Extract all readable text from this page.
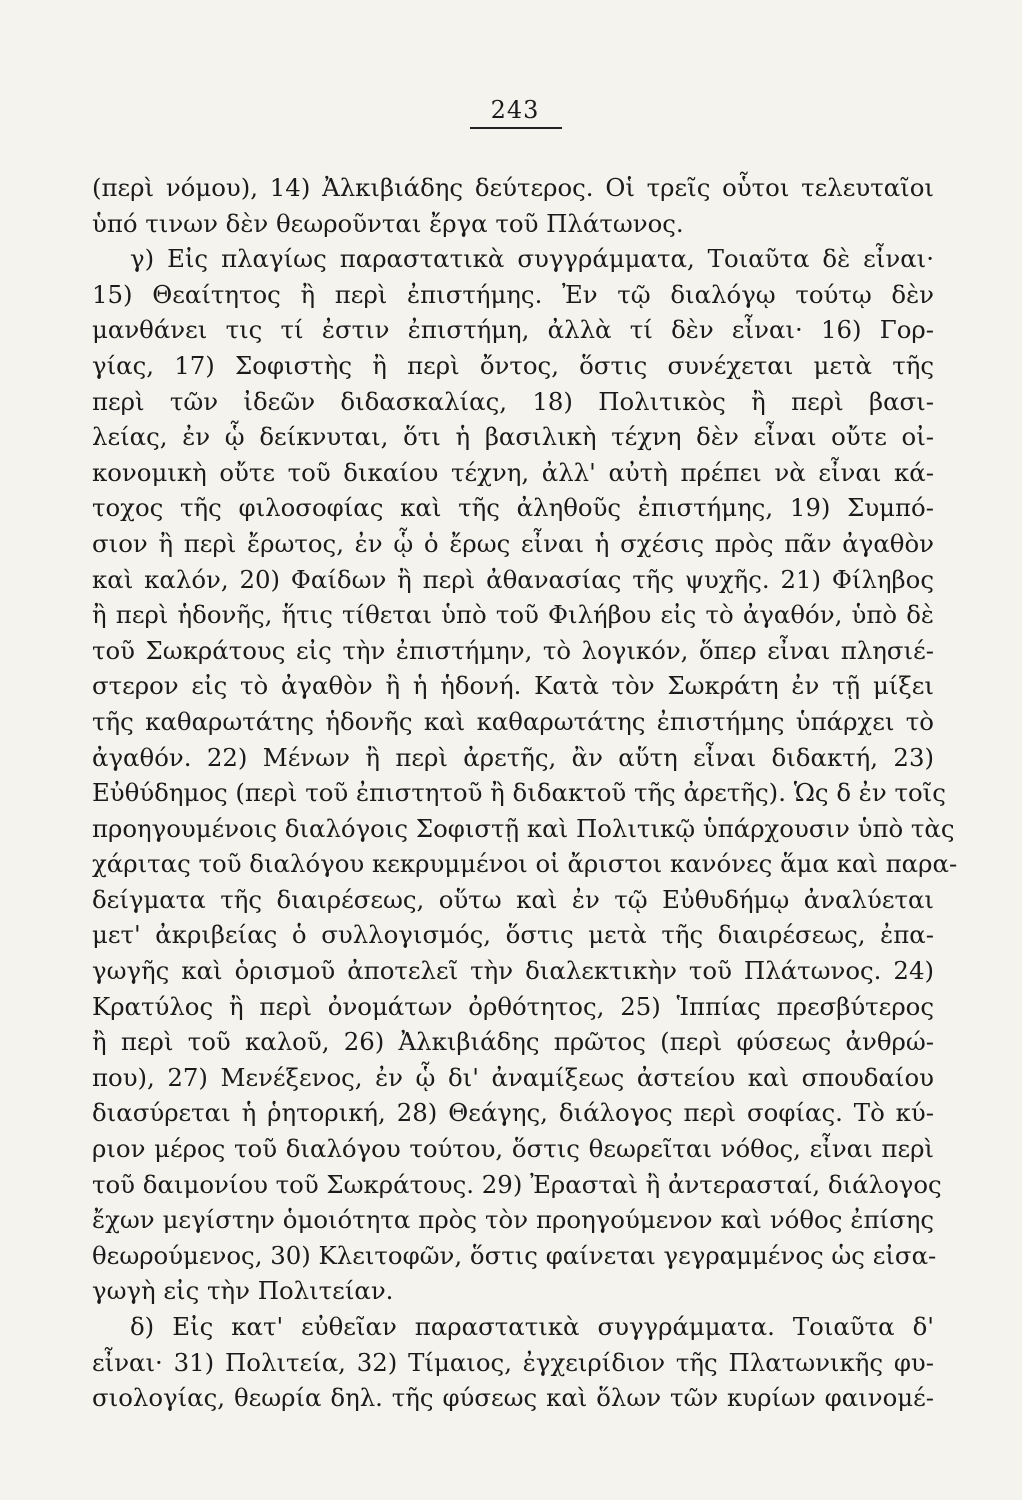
243
(περὶ νόμου), 14) Ἀλκιβιάδης δεύτερος. Οἱ τρεῖς οὗτοι τελευταῖοι
ὑπό τινων δὲν θεωροῦνται ἔργα τοῦ Πλάτωνος.
γ) Εἰς πλαγίως παραστατικὰ συγγράμματα, Τοιαῦτα δὲ εἶναι·
15) Θεαίτητος ἢ περὶ ἐπιστήμης. Ἐν τῷ διαλόγῳ τούτῳ δὲν
μανθάνει τις τί ἐστιν ἐπιστήμη, ἀλλὰ τί δὲν εἶναι· 16) Γορ-
γίας, 17) Σοφιστὴς ἢ περὶ ὄντος, ὅστις συνέχεται μετὰ τῆς
περὶ τῶν ἰδεῶν διδασκαλίας, 18) Πολιτικὸς ἢ περὶ βασι-
λείας, ἐν ᾧ δείκνυται, ὅτι ἡ βασιλικὴ τέχνη δὲν εἶναι οὔτε οἰ-
κονομικὴ οὔτε τοῦ δικαίου τέχνη, ἀλλ' αὐτὴ πρέπει νὰ εἶναι κά-
τοχος τῆς φιλοσοφίας καὶ τῆς ἀληθοῦς ἐπιστήμης, 19) Συμπό-
σιον ἢ περὶ ἔρωτος, ἐν ᾧ ὁ ἔρως εἶναι ἡ σχέσις πρὸς πᾶν ἀγαθὸν
καὶ καλόν, 20) Φαίδων ἢ περὶ ἀθανασίας τῆς ψυχῆς. 21) Φίληβος
ἢ περὶ ἡδονῆς, ἥτις τίθεται ὑπὸ τοῦ Φιλήβου εἰς τὸ ἀγαθόν, ὑπὸ δὲ
τοῦ Σωκράτους εἰς τὴν ἐπιστήμην, τὸ λογικόν, ὅπερ εἶναι πλησιέ-
στερον εἰς τὸ ἀγαθὸν ἢ ἡ ἡδονή. Κατὰ τὸν Σωκράτη ἐν τῇ μίξει
τῆς καθαρωτάτης ἡδονῆς καὶ καθαρωτάτης ἐπιστήμης ὑπάρχει τὸ
ἀγαθόν. 22) Μένων ἢ περὶ ἀρετῆς, ἂν αὕτη εἶναι διδακτή, 23)
Εὐθύδημος (περὶ τοῦ ἐπιστητοῦ ἢ διδακτοῦ τῆς ἀρετῆς). Ὡς δ ἐν τοῖς
προηγουμένοις διαλόγοις Σοφιστῇ καὶ Πολιτικῷ ὑπάρχουσιν ὑπὸ τὰς
χάριτας τοῦ διαλόγου κεκρυμμένοι οἱ ἄριστοι κανόνες ἅμα καὶ παρα-
δείγματα τῆς διαιρέσεως, οὕτω καὶ ἐν τῷ Εὐθυδήμῳ ἀναλύεται
μετ' ἀκριβείας ὁ συλλογισμός, ὅστις μετὰ τῆς διαιρέσεως, ἐπα-
γωγῆς καὶ ὁρισμοῦ ἀποτελεῖ τὴν διαλεκτικὴν τοῦ Πλάτωνος. 24)
Κρατύλος ἢ περὶ ὀνομάτων ὀρθότητος, 25) Ἱππίας πρεσβύτερος
ἢ περὶ τοῦ καλοῦ, 26) Ἀλκιβιάδης πρῶτος (περὶ φύσεως ἀνθρώ-
που), 27) Μενέξενος, ἐν ᾧ δι' ἀναμίξεως ἀστείου καὶ σπουδαίου
διασύρεται ἡ ῥητορική, 28) Θεάγης, διάλογος περὶ σοφίας. Τὸ κύ-
ριον μέρος τοῦ διαλόγου τούτου, ὅστις θεωρεῖται νόθος, εἶναι περὶ
τοῦ δαιμονίου τοῦ Σωκράτους. 29) Ἐρασταὶ ἢ ἀντερασταί, διάλογος
ἔχων μεγίστην ὁμοιότητα πρὸς τὸν προηγούμενον καὶ νόθος ἐπίσης
θεωρούμενος, 30) Κλειτοφῶν, ὅστις φαίνεται γεγραμμένος ὡς εἰσα-
γωγὴ εἰς τὴν Πολιτείαν.
δ) Εἰς κατ' εὐθεῖαν παραστατικὰ συγγράμματα. Τοιαῦτα δ'
εἶναι· 31) Πολιτεία, 32) Τίμαιος, ἐγχειρίδιον τῆς Πλατωνικῆς φυ-
σιολογίας, θεωρία δηλ. τῆς φύσεως καὶ ὅλων τῶν κυρίων φαινομέ-
